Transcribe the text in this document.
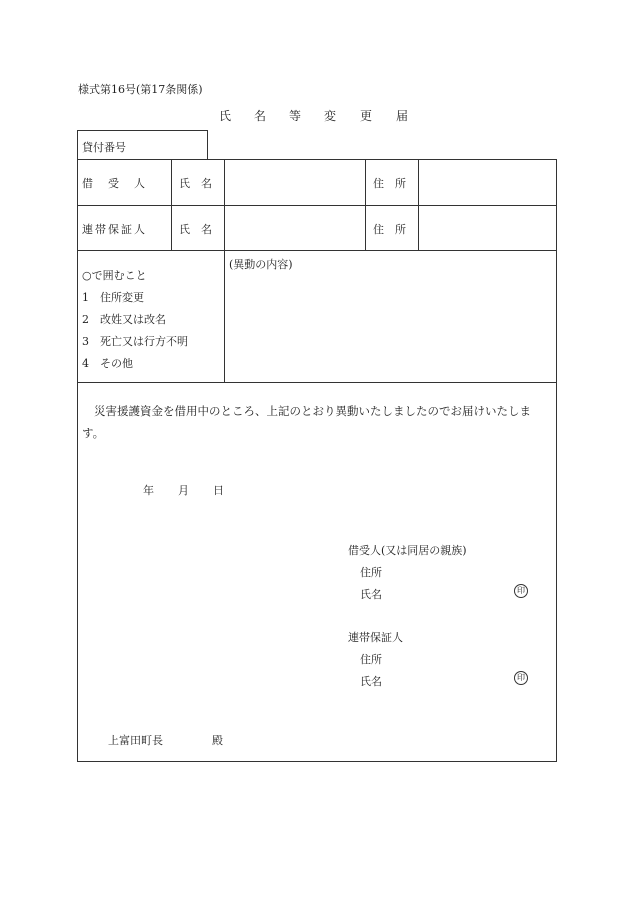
様式第16号(第17条関係)
氏 名 等 変 更 届
貸付番号
借　受　人	氏　名	住　所
連帯保証人	氏　名	住　所
○で囲むこと
1　住所変更
2　改姓又は改名
3　死亡又は行方不明
4　その他
(異動の内容)
災害援護資金を借用中のところ、上記のとおり異動いたしましたのでお届けいたしま
す。
年 月 日
借受人(又は同居の親族)
住所
氏名	印
連帯保証人
住所
氏名	印
上富田町長	殿
